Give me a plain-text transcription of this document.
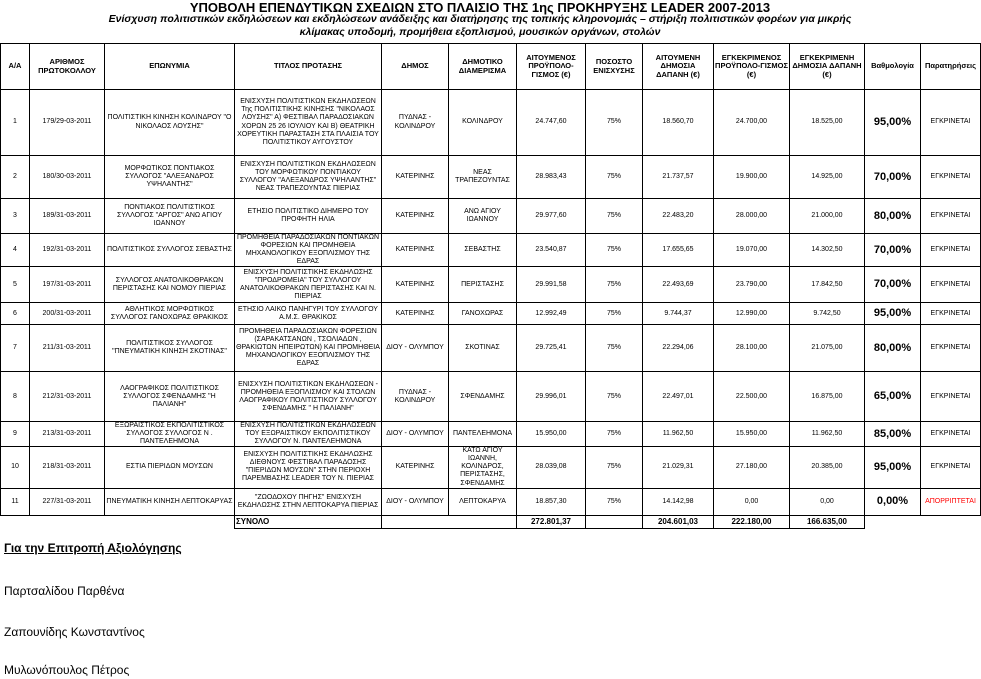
ΥΠΟΒΟΛΗ ΕΠΕΝΔΥΤΙΚΩΝ ΣΧΕΔΙΩΝ ΣΤΟ ΠΛΑΙΣΙΟ ΤΗΣ 1ης ΠΡΟΚΗΡΥΞΗΣ LEADER 2007-2013
Ενίσχυση πολιτιστικών εκδηλώσεων και εκδηλώσεων ανάδειξης και διατήρησης της τοπικής κληρονομιάς – στήριξη πολιτιστικών φορέων για μικρής
κλίμακας υποδομή, προμήθεια εξοπλισμού, μουσικών οργάνων, στολών
Α/Α	ΑΡΙΘΜΟΣ ΠΡΩΤΟΚΟΛΛΟΥ	ΕΠΩΝΥΜΙΑ	ΤΙΤΛΟΣ ΠΡΟΤΑΣΗΣ	ΔΗΜΟΣ	ΔΗΜΟΤΙΚΟ ΔΙΑΜΕΡΙΣΜΑ	ΑΙΤΟΥΜΕΝΟΣ ΠΡΟΫΠΟΛΟ-ΓΙΣΜΟΣ (€)	ΠΟΣΟΣΤΟ ΕΝΙΣΧΥΣΗΣ	ΑΙΤΟΥΜΕΝΗ ΔΗΜΟΣΙΑ ΔΑΠΑΝΗ (€)	ΕΓΚΕΚΡΙΜΕΝΟΣ ΠΡΟΫΠΟΛΟ-ΓΙΣΜΟΣ (€)	ΕΓΚΕΚΡΙΜΕΝΗ ΔΗΜΟΣΙΑ ΔΑΠΑΝΗ (€)	Βαθμολογία	Παρατηρήσεις
1	179/29-03-2011	ΠΟΛΙΤΙΣΤΙΚΗ ΚΙΝΗΣΗ ΚΟΛΙΝΔΡΟΥ "Ο ΝΙΚΟΛΑΟΣ ΛΟΥΣΗΣ"	ΕΝΙΣΧΥΣΗ ΠΟΛΙΤΙΣΤΙΚΩΝ ΕΚΔΗΛΩΣΕΩΝ Της ΠΟΛΙΤΙΣΤΙΚΗΣ ΚΙΝΗΣΗΣ "ΝΙΚΟΛΑΟΣ ΛΟΥΣΗΣ" Α) ΦΕΣΤΙΒΑΛ ΠΑΡΑΔΟΣΙΑΚΩΝ ΧΟΡΩΝ 25 26 ΙΟΥΛΙΟΥ ΚΑΙ Β) ΘΕΑΤΡΙΚΗ ΧΟΡΕΥΤΙΚΗ ΠΑΡΑΣΤΑΣΗ ΣΤΑ ΠΛΑΙΣΙΑ ΤΟΥ ΠΟΛΙΤΙΣΤΙΚΟΥ ΑΥΓΟΥΣΤΟΥ	ΠΥΔΝΑΣ - ΚΟΛΙΝΔΡΟΥ	ΚΟΛΙΝΔΡΟΥ	24.747,60	75%	18.560,70	24.700,00	18.525,00	95,00%	ΕΓΚΡΙΝΕΤΑΙ
2	180/30-03-2011	ΜΟΡΦΩΤΙΚΟΣ ΠΟΝΤΙΑΚΟΣ ΣΥΛΛΟΓΟΣ "ΑΛΕΞΑΝΔΡΟΣ ΥΨΗΛΑΝΤΗΣ"	ΕΝΙΣΧΥΣΗ ΠΟΛΙΤΙΣΤΙΚΩΝ ΕΚΔΗΛΩΣΕΩΝ ΤΟΥ ΜΟΡΦΩΤΙΚΟΥ ΠΟΝΤΙΑΚΟΥ ΣΥΛΛΟΓΟΥ "ΑΛΕΞΑΝΔΡΟΣ ΥΨΗΛΑΝΤΗΣ" ΝΕΑΣ ΤΡΑΠΕΖΟΥΝΤΑΣ ΠΙΕΡΙΑΣ	ΚΑΤΕΡΙΝΗΣ	ΝΕΑΣ ΤΡΑΠΕΖΟΥΝΤΑΣ	28.983,43	75%	21.737,57	19.900,00	14.925,00	70,00%	ΕΓΚΡΙΝΕΤΑΙ
3	189/31-03-2011	ΠΟΝΤΙΑΚΟΣ ΠΟΛΙΤΙΣΤΙΚΟΣ ΣΥΛΛΟΓΟΣ "ΑΡΓΟΣ" ΑΝΩ ΑΓΙΟΥ ΙΩΑΝΝΟΥ	ΕΤΗΣΙΟ ΠΟΛΙΤΙΣΤΙΚΟ ΔΙΗΜΕΡΟ ΤΟΥ ΠΡΟΦΗΤΗ ΗΛΙΑ	ΚΑΤΕΡΙΝΗΣ	ΑΝΩ ΑΓΙΟΥ ΙΩΑΝΝΟΥ	29.977,60	75%	22.483,20	28.000,00	21.000,00	80,00%	ΕΓΚΡΙΝΕΤΑΙ
4	192/31-03-2011	ΠΟΛΙΤΙΣΤΙΚΟΣ ΣΥΛΛΟΓΟΣ ΣΕΒΑΣΤΗΣ	ΠΡΟΜΗΘΕΙΑ ΠΑΡΑΔΟΣΙΑΚΩΝ ΠΟΝΤΙΑΚΩΝ ΦΟΡΕΣΙΩΝ ΚΑΙ ΠΡΟΜΗΘΕΙΑ ΜΗΧΑΝΟΛΟΓΙΚΟΥ ΕΞΟΠΛΙΣΜΟΥ ΤΗΣ ΕΔΡΑΣ	ΚΑΤΕΡΙΝΗΣ	ΣΕΒΑΣΤΗΣ	23.540,87	75%	17.655,65	19.070,00	14.302,50	70,00%	ΕΓΚΡΙΝΕΤΑΙ
5	197/31-03-2011	ΣΥΛΛΟΓΟΣ ΑΝΑΤΟΛΙΚΟΘΡΑΚΩΝ ΠΕΡΙΣΤΑΣΗΣ ΚΑΙ ΝΟΜΟΥ ΠΙΕΡΙΑΣ	ΕΝΙΣΧΥΣΗ ΠΟΛΙΤΙΣΤΙΚΗΣ ΕΚΔΗΛΩΣΗΣ "ΠΡΟΔΡΟΜΕΙΑ" ΤΟΥ ΣΥΛΛΟΓΟΥ ΑΝΑΤΟΛΙΚΟΘΡΑΚΩΝ ΠΕΡΙΣΤΑΣΗΣ ΚΑΙ Ν. ΠΙΕΡΙΑΣ	ΚΑΤΕΡΙΝΗΣ	ΠΕΡΙΣΤΑΣΗΣ	29.991,58	75%	22.493,69	23.790,00	17.842,50	70,00%	ΕΓΚΡΙΝΕΤΑΙ
6	200/31-03-2011	ΑΘΛΗΤΙΚΟΣ ΜΟΡΦΩΤΙΚΟΣ ΣΥΛΛΟΓΟΣ ΓΑΝΟΧΩΡΑΣ ΘΡΑΚΙΚΟΣ	ΕΤΗΣΙΟ ΛΑΙΚΟ ΠΑΝΗΓΥΡΙ ΤΟΥ ΣΥΛΛΟΓΟΥ Α.Μ.Σ. ΘΡΑΚΙΚΟΣ	ΚΑΤΕΡΙΝΗΣ	ΓΑΝΟΧΩΡΑΣ	12.992,49	75%	9.744,37	12.990,00	9.742,50	95,00%	ΕΓΚΡΙΝΕΤΑΙ
7	211/31-03-2011	ΠΟΛΙΤΙΣΤΙΚΟΣ ΣΥΛΛΟΓΟΣ "ΠΝΕΥΜΑΤΙΚΗ ΚΙΝΗΣΗ ΣΚΟΤΙΝΑΣ"	ΠΡΟΜΗΘΕΙΑ ΠΑΡΑΔΟΣΙΑΚΩΝ ΦΟΡΕΣΙΩΝ (ΣΑΡΑΚΑΤΣΑΝΩΝ , ΤΣΟΛΙΑΔΩΝ , ΘΡΑΚΙΩΤΩΝ ΗΠΕΙΡΩΤΩΝ) ΚΑΙ ΠΡΟΜΗΘΕΙΑ ΜΗΧΑΝΟΛΟΓΙΚΟΥ ΕΞΟΠΛΙΣΜΟΥ ΤΗΣ ΕΔΡΑΣ	ΔΙΟΥ - ΟΛΥΜΠΟΥ	ΣΚΟΤΙΝΑΣ	29.725,41	75%	22.294,06	28.100,00	21.075,00	80,00%	ΕΓΚΡΙΝΕΤΑΙ
8	212/31-03-2011	ΛΑΟΓΡΑΦΙΚΟΣ ΠΟΛΙΤΙΣΤΙΚΟΣ ΣΥΛΛΟΓΟΣ ΣΦΕΝΔΑΜΗΣ "Η ΠΑΛΙΑΝΗ"	ΕΝΙΣΧΥΣΗ ΠΟΛΙΤΙΣΤΙΚΩΝ ΕΚΔΗΛΩΣΕΩΝ - ΠΡΟΜΗΘΕΙΑ ΕΞΟΠΛΙΣΜΟΥ ΚΑΙ ΣΤΟΛΩΝ ΛΑΟΓΡΑΦΙΚΟΥ ΠΟΛΙΤΙΣΤΙΚΟΥ ΣΥΛΛΟΓΟΥ ΣΦΕΝΔΑΜΗΣ " Η ΠΑΛΙΑΝΗ"	ΠΥΔΝΑΣ - ΚΟΛΙΝΔΡΟΥ	ΣΦΕΝΔΑΜΗΣ	29.996,01	75%	22.497,01	22.500,00	16.875,00	65,00%	ΕΓΚΡΙΝΕΤΑΙ
9	213/31-03-2011	ΕΞΩΡΑΙΣΤΙΚΟΣ ΕΚΠΟΛΙΤΙΣΤΙΚΟΣ ΣΥΛΛΟΓΟΣ ΣΥΛΛΟΓΟΣ Ν . ΠΑΝΤΕΛΕΗΜΟΝΑ	ΕΝΙΣΧΥΣΗ ΠΟΛΙΤΙΣΤΙΚΩΝ ΕΚΔΗΛΩΣΕΩΝ ΤΟΥ ΕΞΩΡΑΙΣΤΙΚΟΥ ΕΚΠΟΛΙΤΙΣΤΙΚΟΥ ΣΥΛΛΟΓΟΥ Ν. ΠΑΝΤΕΛΕΗΜΟΝΑ	ΔΙΟΥ - ΟΛΥΜΠΟΥ	ΠΑΝΤΕΛΕΗΜΟΝΑ	15.950,00	75%	11.962,50	15.950,00	11.962,50	85,00%	ΕΓΚΡΙΝΕΤΑΙ
10	218/31-03-2011	ΕΣΤΙΑ ΠΙΕΡΙΔΩΝ ΜΟΥΣΩΝ	ΕΝΙΣΧΥΣΗ ΠΟΛΙΤΙΣΤΙΚΗΣ ΕΚΔΗΛΩΣΗΣ ΔΙΕΘΝΟΥΣ ΦΕΣΤΙΒΑΛ ΠΑΡΑΔΟΣΗΣ "ΠΙΕΡΙΔΩΝ ΜΟΥΣΩΝ" ΣΤΗΝ ΠΕΡΙΟΧΗ ΠΑΡΕΜΒΑΣΗΣ LEADER ΤΟΥ Ν. ΠΙΕΡΙΑΣ	ΚΑΤΕΡΙΝΗΣ	ΚΑΤΩ ΑΓΙΟΥ ΙΩΑΝΝΗ, ΚΟΛΙΝΔΡΟΣ, ΠΕΡΙΣΤΑΣΗΣ, ΣΦΕΝΔΑΜΗΣ	28.039,08	75%	21.029,31	27.180,00	20.385,00	95,00%	ΕΓΚΡΙΝΕΤΑΙ
11	227/31-03-2011	ΠΝΕΥΜΑΤΙΚΗ ΚΙΝΗΣΗ ΛΕΠΤΟΚΑΡΥΑΣ	"ΖΩΟΔΟΧΟΥ ΠΗΓΗΣ" ΕΝΙΣΧΥΣΗ ΕΚΔΗΛΩΣΗΣ ΣΤΗΝ ΛΕΠΤΟΚΑΡΥΑ ΠΙΕΡΙΑΣ	ΔΙΟΥ - ΟΛΥΜΠΟΥ	ΛΕΠΤΟΚΑΡΥΑ	18.857,30	75%	14.142,98	0,00	0,00	0,00%	ΑΠΟΡΡΙΠΤΕΤΑΙ
			ΣΥΝΟΛΟ			272.801,37		204.601,03	222.180,00	166.635,00		
Για την Επιτροπή Αξιολόγησης
Παρτσαλίδου Παρθένα
Ζαπουνίδης Κωνσταντίνος
Μυλωνόπουλος Πέτρος
